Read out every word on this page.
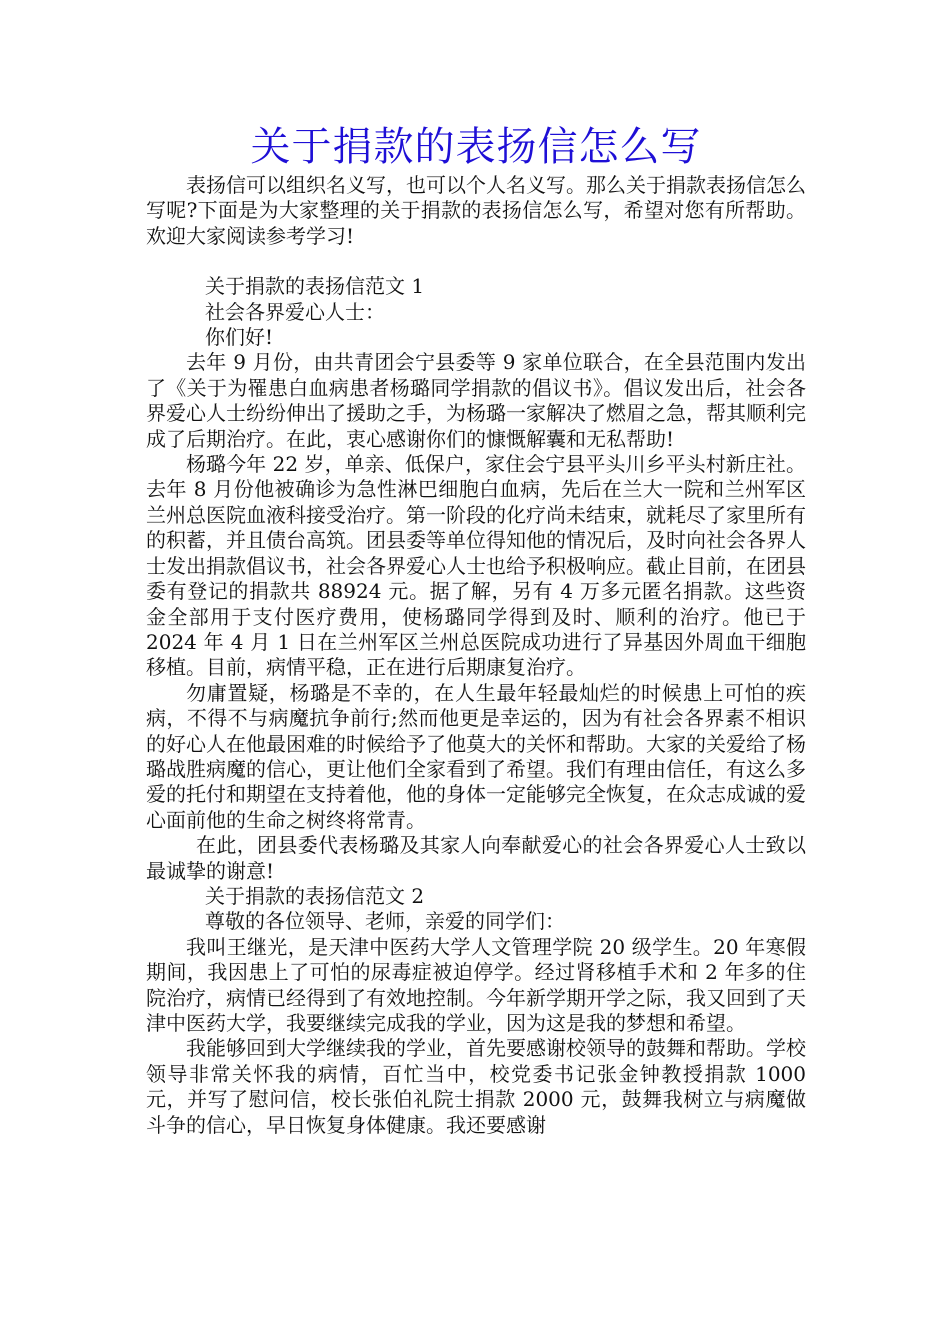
关于捐款的表扬信怎么写

表扬信可以组织名义写，也可以个人名义写。那么关于捐款表扬信怎么写呢?下面是为大家整理的关于捐款的表扬信怎么写，希望对您有所帮助。欢迎大家阅读参考学习!

关于捐款的表扬信范文 1

社会各界爱心人士：

你们好!

去年 9 月份，由共青团会宁县委等 9 家单位联合，在全县范围内发出了《关于为罹患白血病患者杨璐同学捐款的倡议书》。倡议发出后，社会各界爱心人士纷纷伸出了援助之手，为杨璐一家解决了燃眉之急，帮其顺利完成了后期治疗。在此，衷心感谢你们的慷慨解囊和无私帮助!

杨璐今年 22 岁，单亲、低保户，家住会宁县平头川乡平头村新庄社。去年 8 月份他被确诊为急性淋巴细胞白血病，先后在兰大一院和兰州军区兰州总医院血液科接受治疗。第一阶段的化疗尚未结束，就耗尽了家里所有的积蓄，并且债台高筑。团县委等单位得知他的情况后，及时向社会各界人士发出捐款倡议书，社会各界爱心人士也给予积极响应。截止目前，在团县委有登记的捐款共 88924 元。据了解，另有 4 万多元匿名捐款。这些资金全部用于支付医疗费用，使杨璐同学得到及时、顺利的治疗。他已于 2024 年 4 月 1 日在兰州军区兰州总医院成功进行了异基因外周血干细胞移植。目前，病情平稳，正在进行后期康复治疗。

勿庸置疑，杨璐是不幸的，在人生最年轻最灿烂的时候患上可怕的疾病，不得不与病魔抗争前行;然而他更是幸运的，因为有社会各界素不相识的好心人在他最困难的时候给予了他莫大的关怀和帮助。大家的关爱给了杨璐战胜病魔的信心，更让他们全家看到了希望。我们有理由信任，有这么多爱的托付和期望在支持着他，他的身体一定能够完全恢复，在众志成诚的爱心面前他的生命之树终将常青。

在此，团县委代表杨璐及其家人向奉献爱心的社会各界爱心人士致以最诚挚的谢意!

关于捐款的表扬信范文 2

尊敬的各位领导、老师，亲爱的同学们：

我叫王继光，是天津中医药大学人文管理学院 20 级学生。20 年寒假期间，我因患上了可怕的尿毒症被迫停学。经过肾移植手术和 2 年多的住院治疗，病情已经得到了有效地控制。今年新学期开学之际，我又回到了天津中医药大学，我要继续完成我的学业，因为这是我的梦想和希望。

我能够回到大学继续我的学业，首先要感谢校领导的鼓舞和帮助。学校领导非常关怀我的病情，百忙当中，校党委书记张金钟教授捐款 1000 元，并写了慰问信，校长张伯礼院士捐款 2000 元，鼓舞我树立与病魔做斗争的信心，早日恢复身体健康。我还要感谢
